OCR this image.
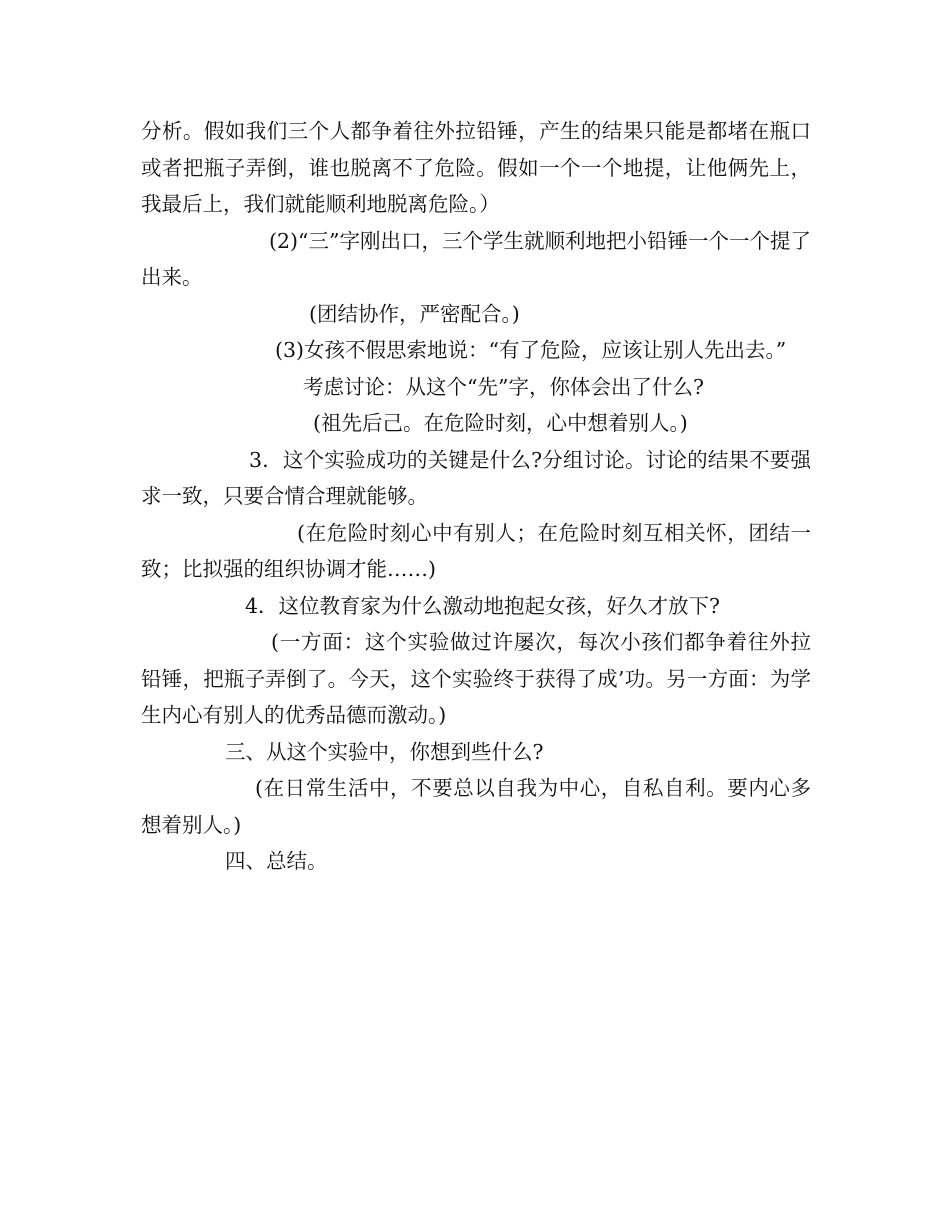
分析。假如我们三个人都争着往外拉铅锤，产生的结果只能是都堵在瓶口或者把瓶子弄倒，谁也脱离不了危险。假如一个一个地提，让他俩先上，我最后上，我们就能顺利地脱离危险。）

(2)“三”字刚出口，三个学生就顺利地把小铅锤一个一个提了出来。

(团结协作，严密配合。)

(3)女孩不假思索地说：“有了危险，应该让别人先出去。”

考虑讨论：从这个“先”字，你体会出了什么?

(祖先后己。在危险时刻，心中想着别人。)

3．这个实验成功的关键是什么?分组讨论。讨论的结果不要强求一致，只要合情合理就能够。

(在危险时刻心中有别人；在危险时刻互相关怀，团结一致；比拟强的组织协调才能……)

4．这位教育家为什么激动地抱起女孩，好久才放下?

(一方面：这个实验做过许屡次，每次小孩们都争着往外拉铅锤，把瓶子弄倒了。今天，这个实验终于获得了成’功。另一方面：为学生内心有别人的优秀品德而激动。)

三、从这个实验中，你想到些什么?

(在日常生活中，不要总以自我为中心，自私自利。要内心多想着别人。)

四、总结。
